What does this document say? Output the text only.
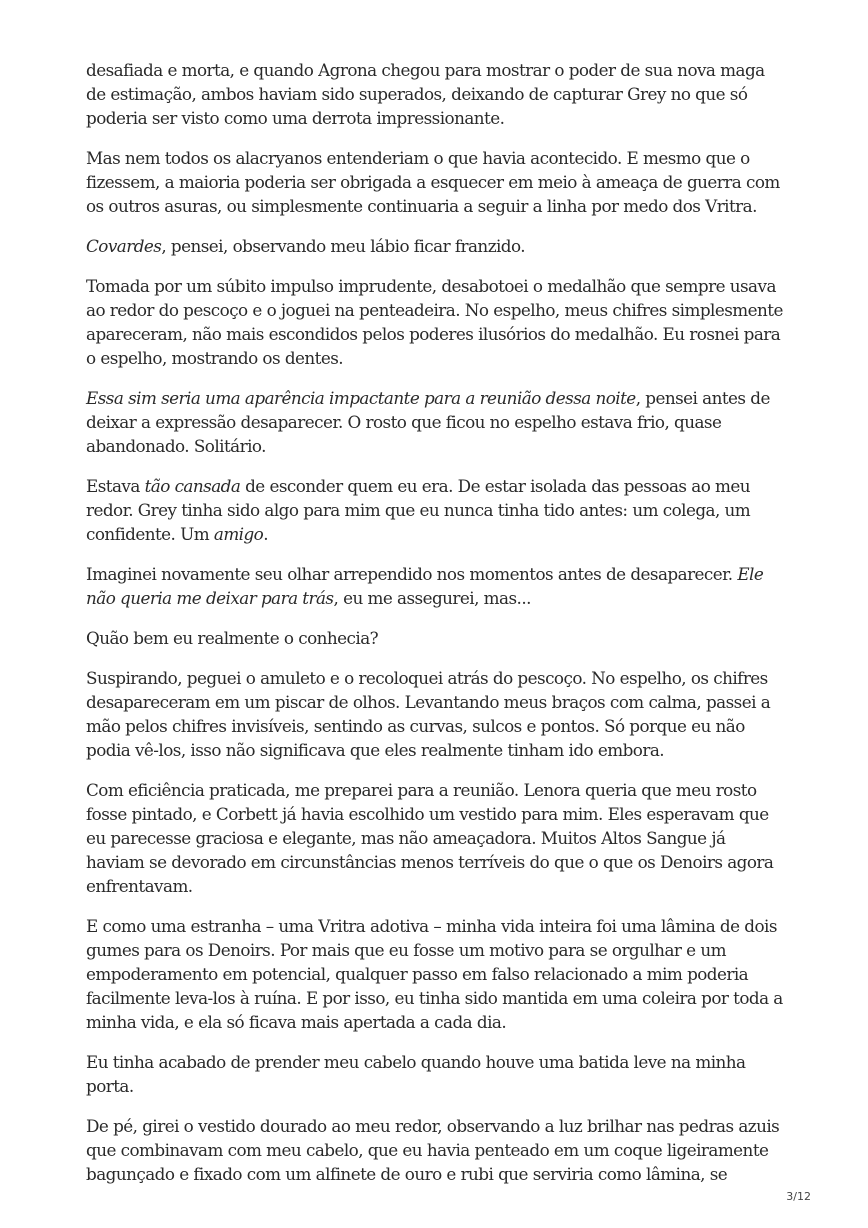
desafiada e morta, e quando Agrona chegou para mostrar o poder de sua nova maga de estimação, ambos haviam sido superados, deixando de capturar Grey no que só poderia ser visto como uma derrota impressionante.

Mas nem todos os alacryanos entenderiam o que havia acontecido. E mesmo que o fizessem, a maioria poderia ser obrigada a esquecer em meio à ameaça de guerra com os outros asuras, ou simplesmente continuaria a seguir a linha por medo dos Vritra.

Covardes, pensei, observando meu lábio ficar franzido.

Tomada por um súbito impulso imprudente, desabotoei o medalhão que sempre usava ao redor do pescoço e o joguei na penteadeira. No espelho, meus chifres simplesmente apareceram, não mais escondidos pelos poderes ilusórios do medalhão. Eu rosnei para o espelho, mostrando os dentes.

Essa sim seria uma aparência impactante para a reunião dessa noite, pensei antes de deixar a expressão desaparecer. O rosto que ficou no espelho estava frio, quase abandonado. Solitário.

Estava tão cansada de esconder quem eu era. De estar isolada das pessoas ao meu redor. Grey tinha sido algo para mim que eu nunca tinha tido antes: um colega, um confidente. Um amigo.

Imaginei novamente seu olhar arrependido nos momentos antes de desaparecer. Ele não queria me deixar para trás, eu me assegurei, mas...

Quão bem eu realmente o conhecia?

Suspirando, peguei o amuleto e o recoloquei atrás do pescoço. No espelho, os chifres desapareceram em um piscar de olhos. Levantando meus braços com calma, passei a mão pelos chifres invisíveis, sentindo as curvas, sulcos e pontos. Só porque eu não podia vê-los, isso não significava que eles realmente tinham ido embora.

Com eficiência praticada, me preparei para a reunião. Lenora queria que meu rosto fosse pintado, e Corbett já havia escolhido um vestido para mim. Eles esperavam que eu parecesse graciosa e elegante, mas não ameaçadora. Muitos Altos Sangue já haviam se devorado em circunstâncias menos terríveis do que o que os Denoirs agora enfrentavam.

E como uma estranha – uma Vritra adotiva – minha vida inteira foi uma lâmina de dois gumes para os Denoirs. Por mais que eu fosse um motivo para se orgulhar e um empoderamento em potencial, qualquer passo em falso relacionado a mim poderia facilmente leva-los à ruína. E por isso, eu tinha sido mantida em uma coleira por toda a minha vida, e ela só ficava mais apertada a cada dia.

Eu tinha acabado de prender meu cabelo quando houve uma batida leve na minha porta.

De pé, girei o vestido dourado ao meu redor, observando a luz brilhar nas pedras azuis que combinavam com meu cabelo, que eu havia penteado em um coque ligeiramente bagunçado e fixado com um alfinete de ouro e rubi que serviria como lâmina, se

3/12
